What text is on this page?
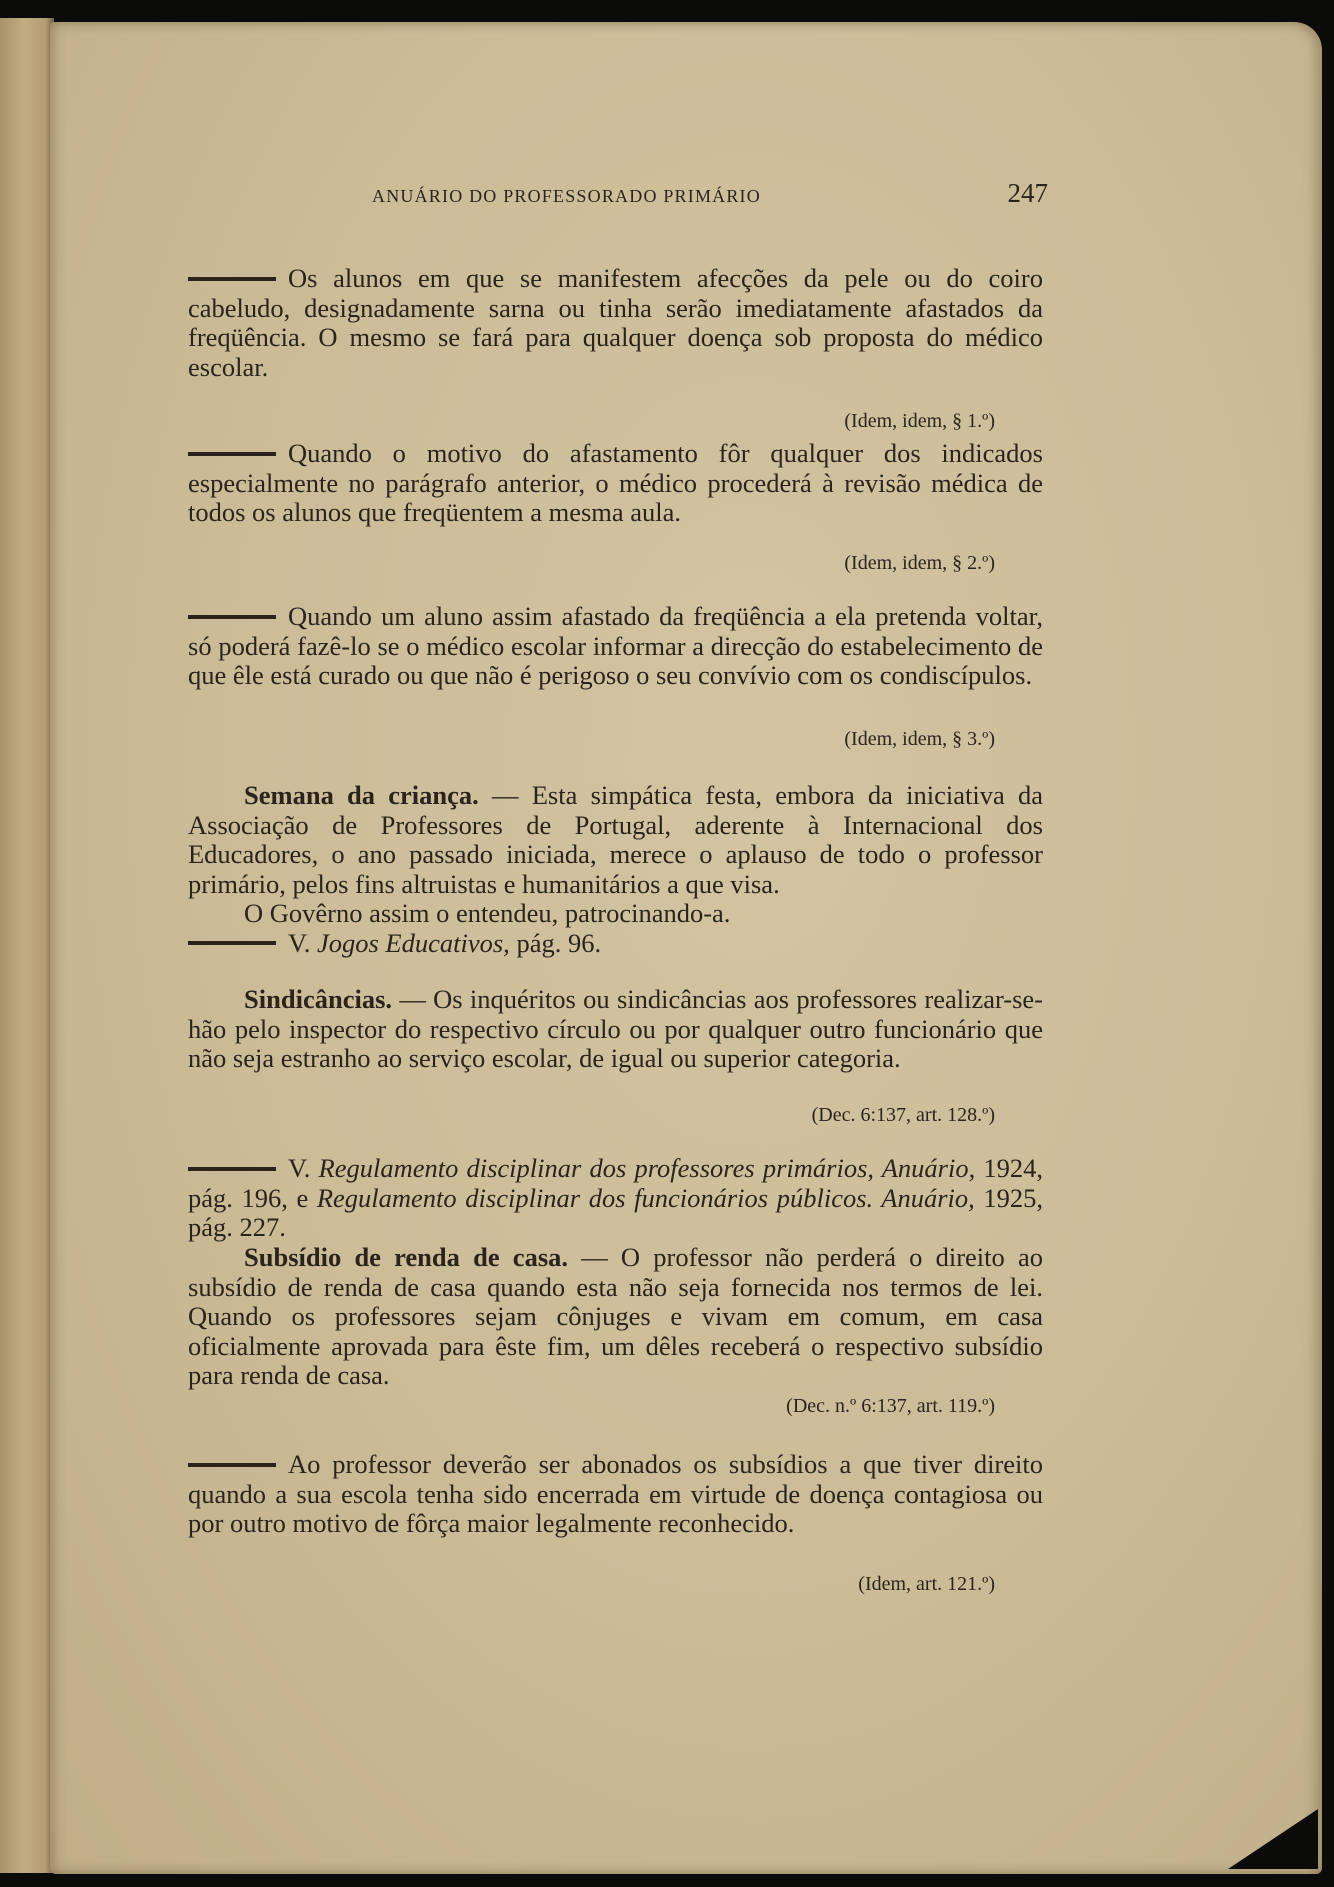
ANUÁRIO DO PROFESSORADO PRIMÁRIO	247

Os alunos em que se manifestem afecções da pele ou do coiro cabeludo, designadamente sarna ou tinha serão imediatamente afastados da freqüência. O mesmo se fará para qualquer doença sob proposta do médico escolar.

(Idem, idem, § 1.º)

Quando o motivo do afastamento fôr qualquer dos indicados especialmente no parágrafo anterior, o médico procederá à revisão médica de todos os alunos que freqüentem a mesma aula.

(Idem, idem, § 2.º)

Quando um aluno assim afastado da freqüência a ela pretenda voltar, só poderá fazê-lo se o médico escolar informar a direcção do estabelecimento de que êle está curado ou que não é perigoso o seu convívio com os condiscípulos.

(Idem, idem, § 3.º)

Semana da criança. — Esta simpática festa, embora da iniciativa da Associação de Professores de Portugal, aderente à Internacional dos Educadores, o ano passado iniciada, merece o aplauso de todo o professor primário, pelos fins altruistas e humanitários a que visa.

O Govêrno assim o entendeu, patrocinando-a.

V. Jogos Educativos, pág. 96.

Sindicâncias. — Os inquéritos ou sindicâncias aos professores realizar-se-hão pelo inspector do respectivo círculo ou por qualquer outro funcionário que não seja estranho ao serviço escolar, de igual ou superior categoria.

(Dec. 6:137, art. 128.º)

V. Regulamento disciplinar dos professores primários, Anuário, 1924, pág. 196, e Regulamento disciplinar dos funcionários públicos. Anuário, 1925, pág. 227.

Subsídio de renda de casa. — O professor não perderá o direito ao subsídio de renda de casa quando esta não seja fornecida nos termos de lei. Quando os professores sejam cônjuges e vivam em comum, em casa oficialmente aprovada para êste fim, um dêles receberá o respectivo subsídio para renda de casa.

(Dec. n.º 6:137, art. 119.º)

Ao professor deverão ser abonados os subsídios a que tiver direito quando a sua escola tenha sido encerrada em virtude de doença contagiosa ou por outro motivo de fôrça maior legalmente reconhecido.

(Idem, art. 121.º)
